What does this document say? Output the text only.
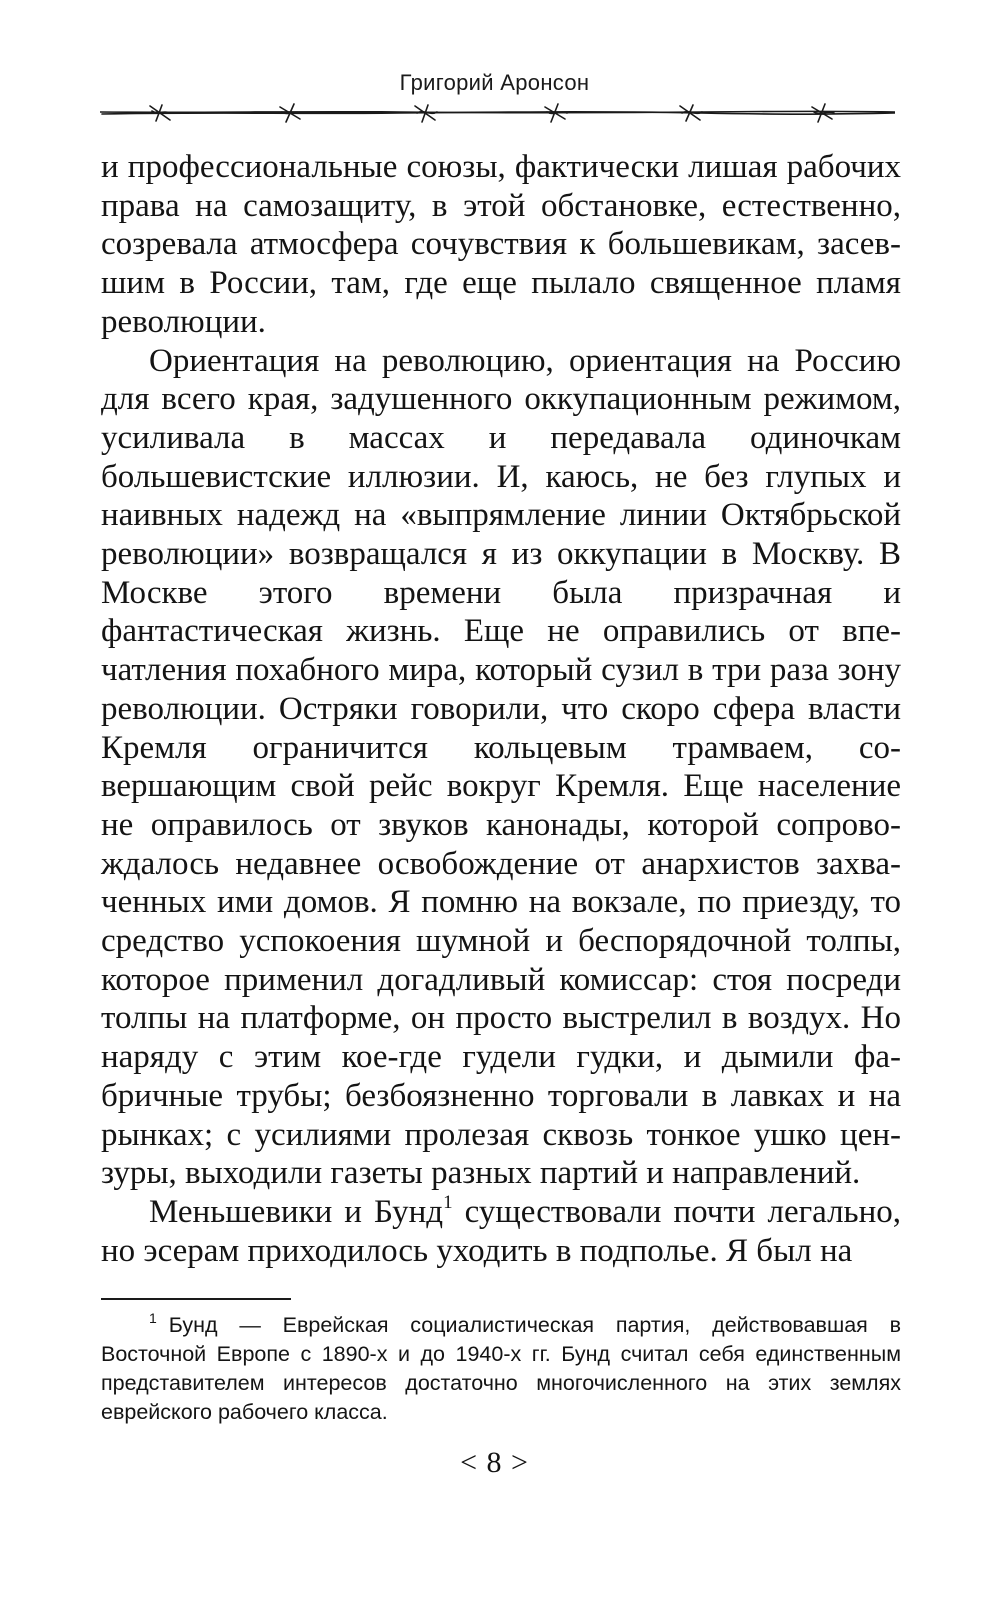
Григорий Аронсон

и профессиональные союзы, фактически лишая рабочих права на самозащиту, в этой обстановке, естественно, созревала атмосфера сочувствия к большевикам, засевшим в России, там, где еще пылало священное пламя революции.

Ориентация на революцию, ориентация на Россию для всего края, задушенного оккупационным режимом, усиливала в массах и передавала одиночкам большевистские иллюзии. И, каюсь, не без глупых и наивных надежд на «выпрямление линии Октябрьской революции» возвращался я из оккупации в Москву. В Москве этого времени была призрачная и фантастическая жизнь. Еще не оправились от впечатления похабного мира, который сузил в три раза зону революции. Остряки говорили, что скоро сфера власти Кремля ограничится кольцевым трамваем, совершающим свой рейс вокруг Кремля. Еще население не оправилось от звуков канонады, которой сопровождалось недавнее освобождение от анархистов захваченных ими домов. Я помню на вокзале, по приезду, то средство успокоения шумной и беспорядочной толпы, которое применил догадливый комиссар: стоя посреди толпы на платформе, он просто выстрелил в воздух. Но наряду с этим кое-где гудели гудки, и дымили фабричные трубы; безбоязненно торговали в лавках и на рынках; с усилиями пролезая сквозь тонкое ушко цензуры, выходили газеты разных партий и направлений.

Меньшевики и Бунд$^1$ существовали почти легально, но эсерам приходилось уходить в подполье. Я был на

$^1$ Бунд — Еврейская социалистическая партия, действовавшая в Восточной Европе с 1890-х и до 1940-х гг. Бунд считал себя единственным представителем интересов достаточно многочисленного на этих землях еврейского рабочего класса.

< 8 >
